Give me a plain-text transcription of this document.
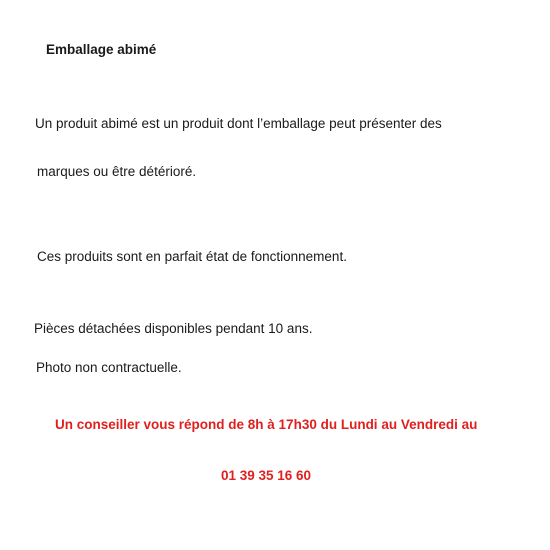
Emballage abimé
Un produit abimé est un produit dont l’emballage peut présenter des
marques ou être détérioré.
Ces produits sont en parfait état de fonctionnement.
Pièces détachées disponibles pendant 10 ans.
Photo non contractuelle.
Un conseiller vous répond de 8h à 17h30 du Lundi au Vendredi au
01 39 35 16 60
